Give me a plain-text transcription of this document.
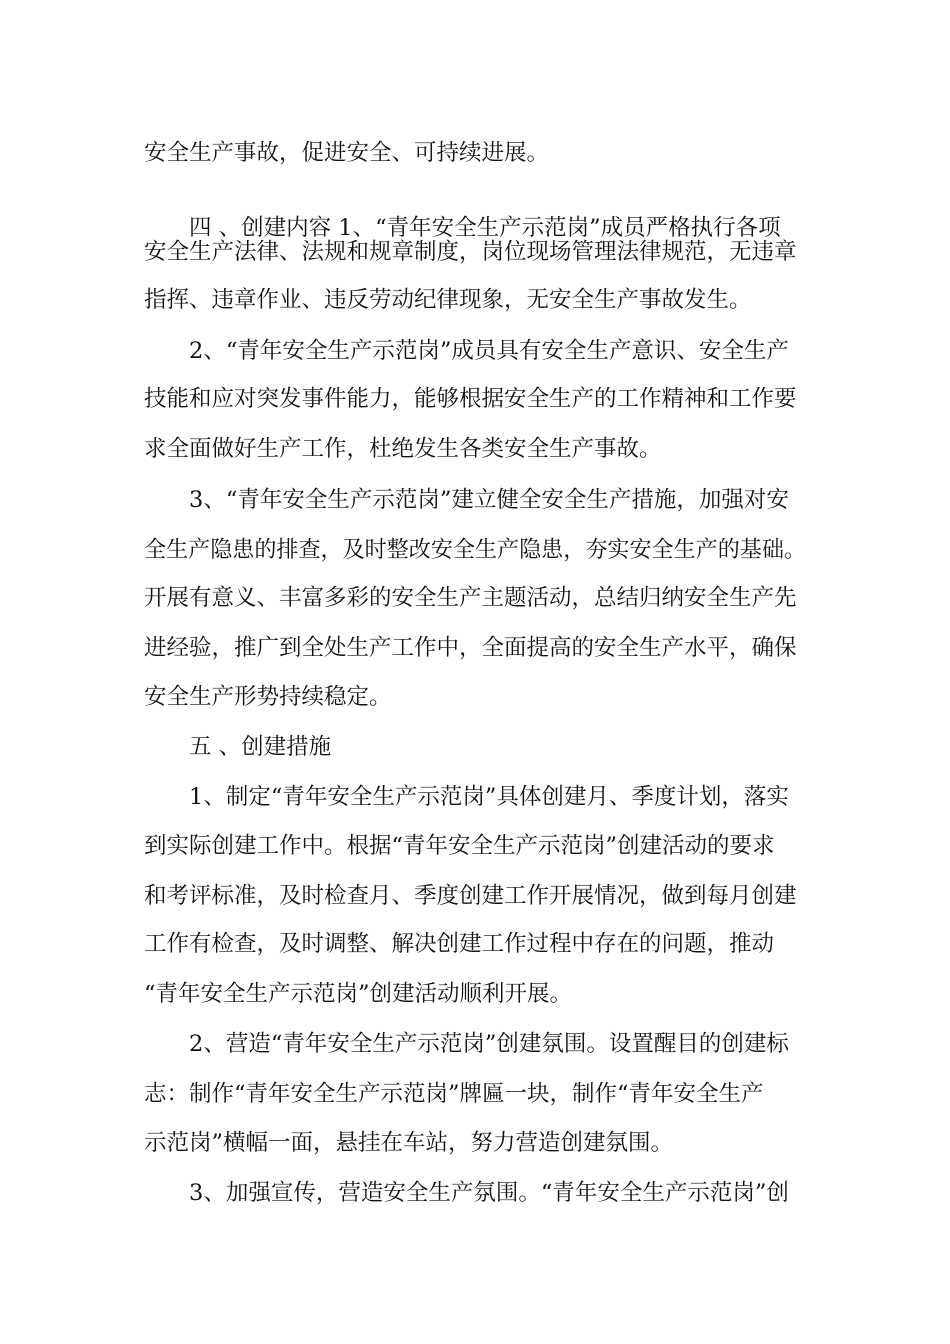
安全生产事故，促进安全、可持续进展。
四 、创建内容 1、“青年安全生产示范岗”成员严格执行各项
安全生产法律、法规和规章制度，岗位现场管理法律规范，无违章
指挥、违章作业、违反劳动纪律现象，无安全生产事故发生。
2、“青年安全生产示范岗”成员具有安全生产意识、安全生产
技能和应对突发事件能力，能够根据安全生产的工作精神和工作要
求全面做好生产工作，杜绝发生各类安全生产事故。
3、“青年安全生产示范岗”建立健全安全生产措施，加强对安
全生产隐患的排查，及时整改安全生产隐患，夯实安全生产的基础。
开展有意义、丰富多彩的安全生产主题活动，总结归纳安全生产先
进经验，推广到全处生产工作中，全面提高的安全生产水平，确保
安全生产形势持续稳定。
五 、创建措施
1、制定“青年安全生产示范岗”具体创建月、季度计划，落实
到实际创建工作中。根据“青年安全生产示范岗”创建活动的要求
和考评标准，及时检查月、季度创建工作开展情况，做到每月创建
工作有检查，及时调整、解决创建工作过程中存在的问题，推动
“青年安全生产示范岗”创建活动顺利开展。
2、营造“青年安全生产示范岗”创建氛围。设置醒目的创建标
志：制作“青年安全生产示范岗”牌匾一块，制作“青年安全生产
示范岗”横幅一面，悬挂在车站，努力营造创建氛围。
3、加强宣传，营造安全生产氛围。“青年安全生产示范岗”创
